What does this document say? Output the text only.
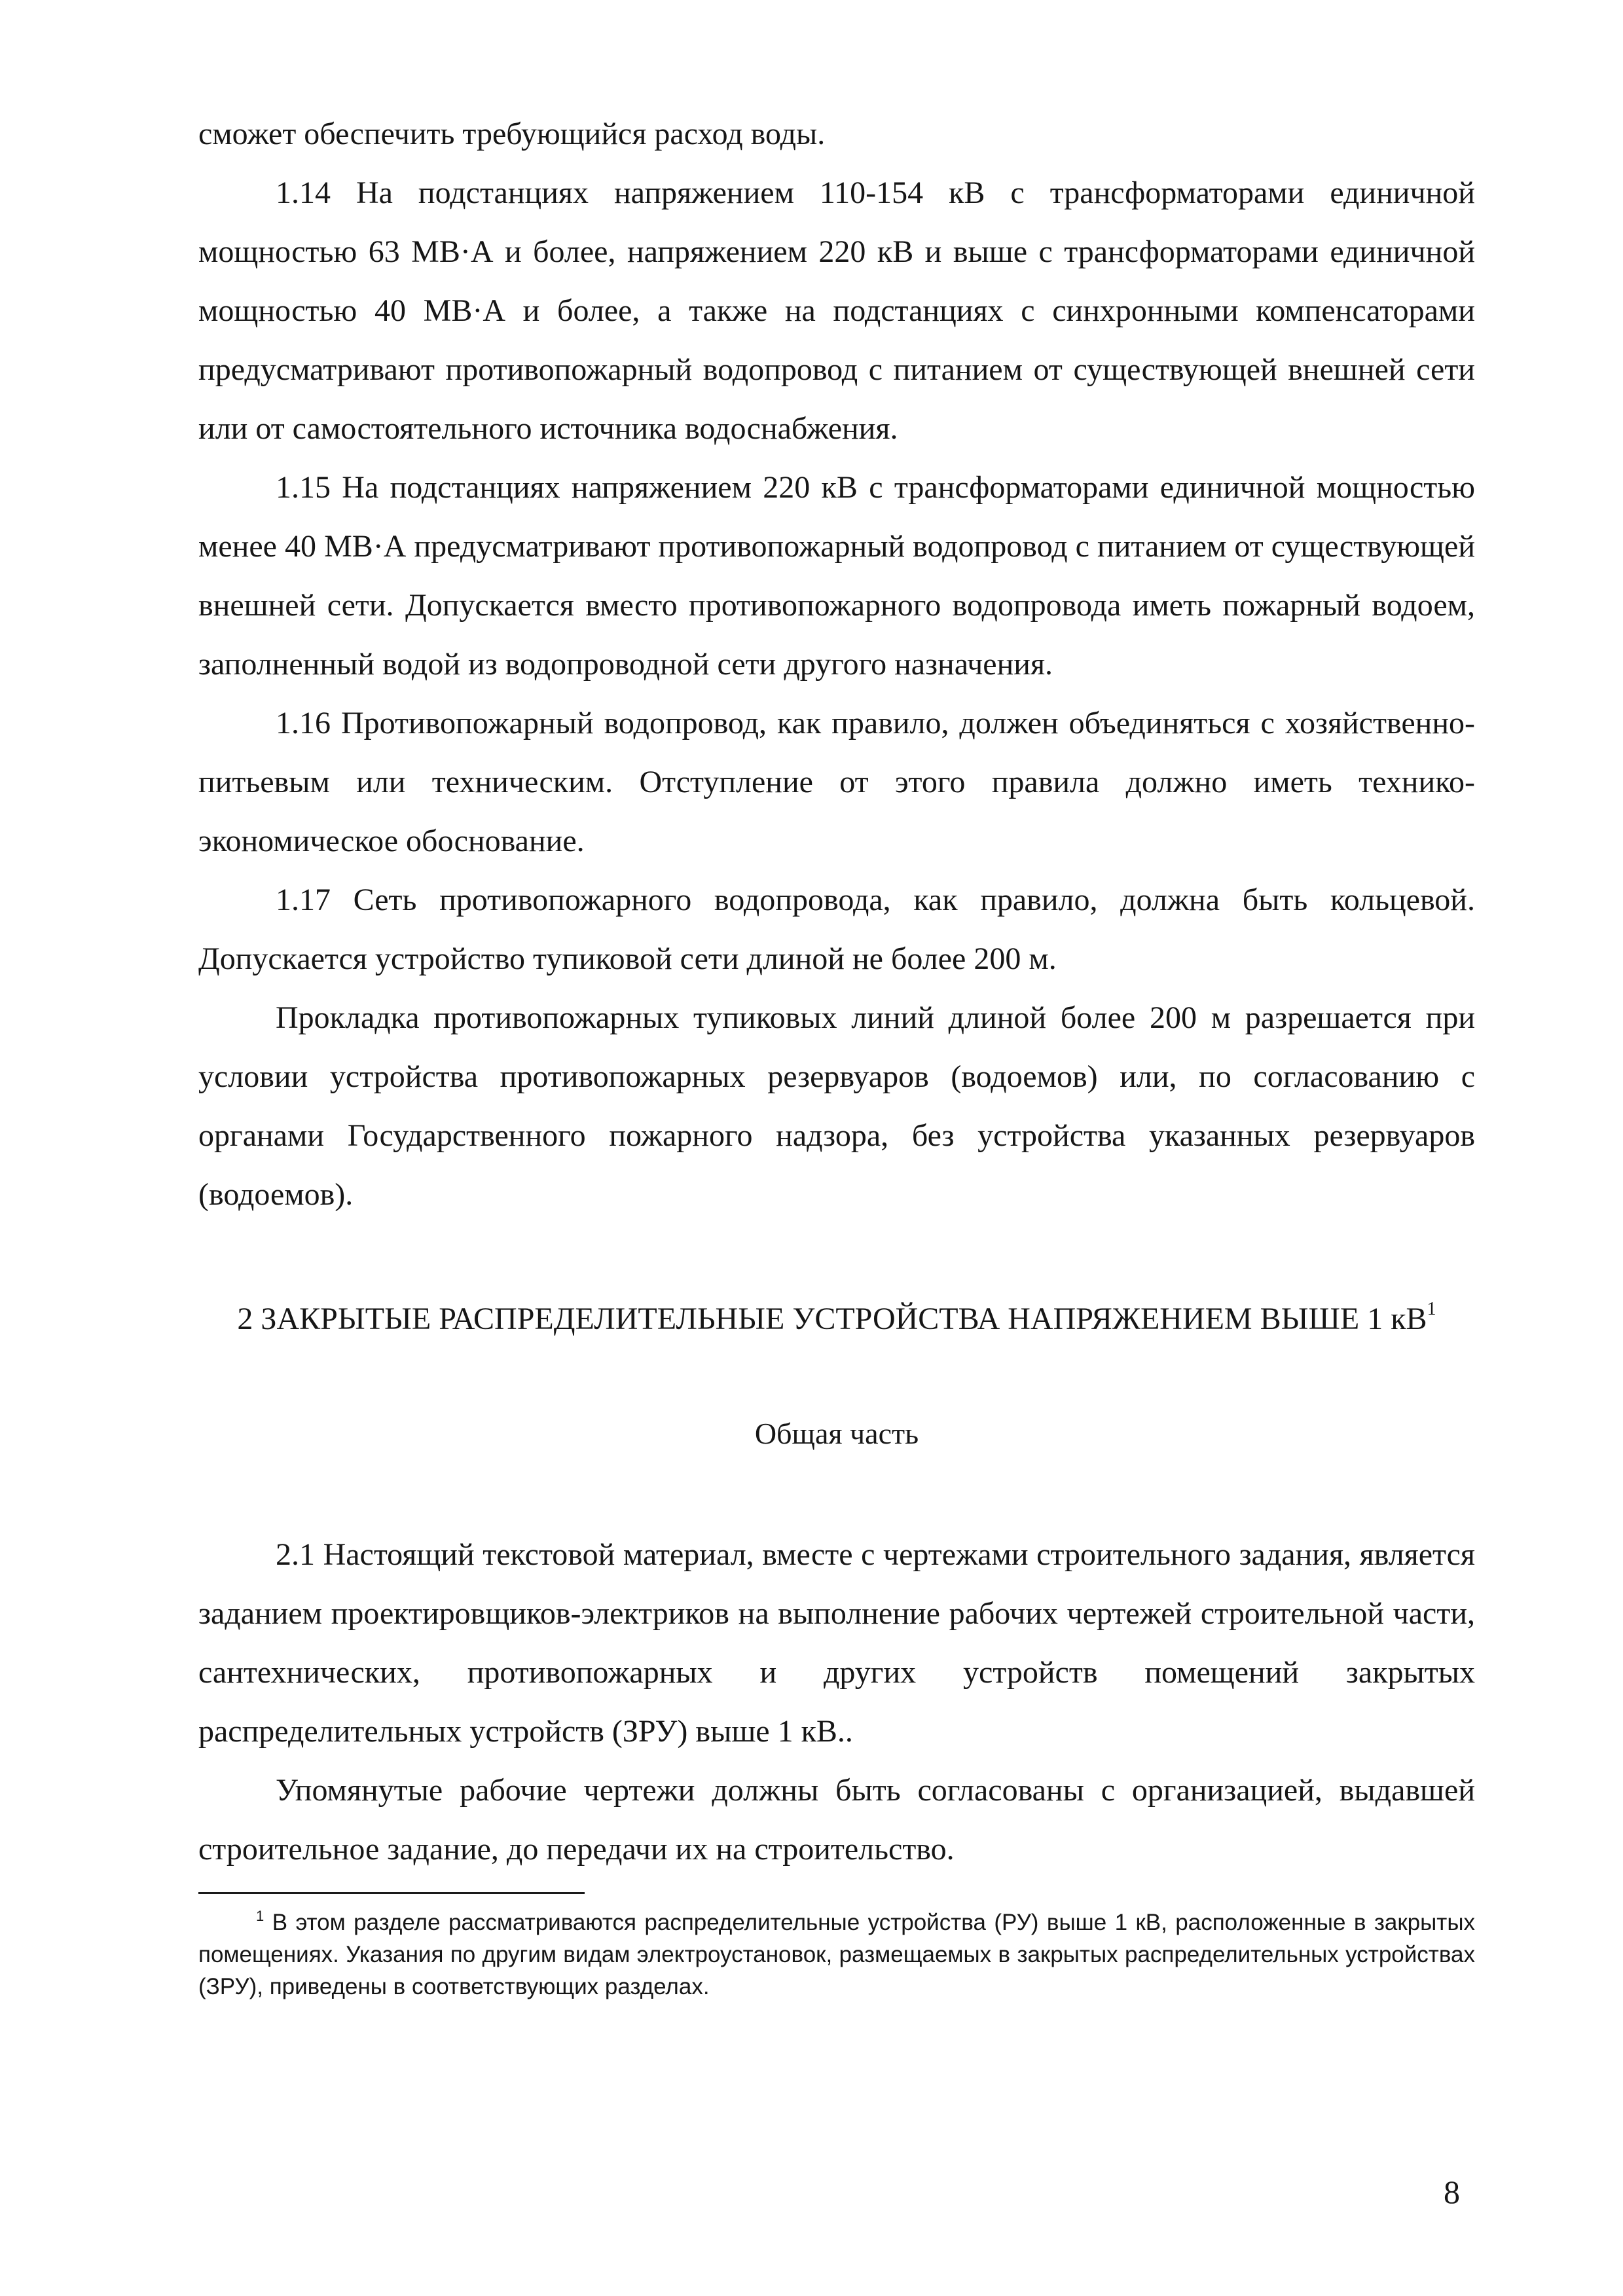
сможет обеспечить требующийся расход воды.

1.14 На подстанциях напряжением 110-154 кВ с трансформаторами единичной мощностью 63 МВ·А и более, напряжением 220 кВ и выше с трансформаторами единичной мощностью 40 МВ·А и более, а также на подстанциях с синхронными компенсаторами предусматривают противопожарный водопровод с питанием от существующей внешней сети или от самостоятельного источника водоснабжения.

1.15 На подстанциях напряжением 220 кВ с трансформаторами единичной мощностью менее 40 МВ·А предусматривают противопожарный водопровод с питанием от существующей внешней сети. Допускается вместо противопожарного водопровода иметь пожарный водоем, заполненный водой из водопроводной сети другого назначения.

1.16 Противопожарный водопровод, как правило, должен объединяться с хозяйственно-питьевым или техническим. Отступление от этого правила должно иметь технико-экономическое обоснование.

1.17 Сеть противопожарного водопровода, как правило, должна быть кольцевой. Допускается устройство тупиковой сети длиной не более 200 м.

Прокладка противопожарных тупиковых линий длиной более 200 м разрешается при условии устройства противопожарных резервуаров (водоемов) или, по согласованию с органами Государственного пожарного надзора, без устройства указанных резервуаров (водоемов).

2 ЗАКРЫТЫЕ РАСПРЕДЕЛИТЕЛЬНЫЕ УСТРОЙСТВА НАПРЯЖЕНИЕМ ВЫШЕ 1 $кВ^1$
Общая часть

2.1 Настоящий текстовой материал, вместе с чертежами строительного задания, является заданием проектировщиков-электриков на выполнение рабочих чертежей строительной части, сантехнических, противопожарных и других устройств помещений закрытых распределительных устройств (ЗРУ) выше 1 кВ..

Упомянутые рабочие чертежи должны быть согласованы с организацией, выдавшей строительное задание, до передачи их на строительство.

$^1$ В этом разделе рассматриваются распределительные устройства (РУ) выше 1 кВ, расположенные в закрытых помещениях. Указания по другим видам электроустановок, размещаемых в закрытых распределительных устройствах (ЗРУ), приведены в соответствующих разделах.

8
